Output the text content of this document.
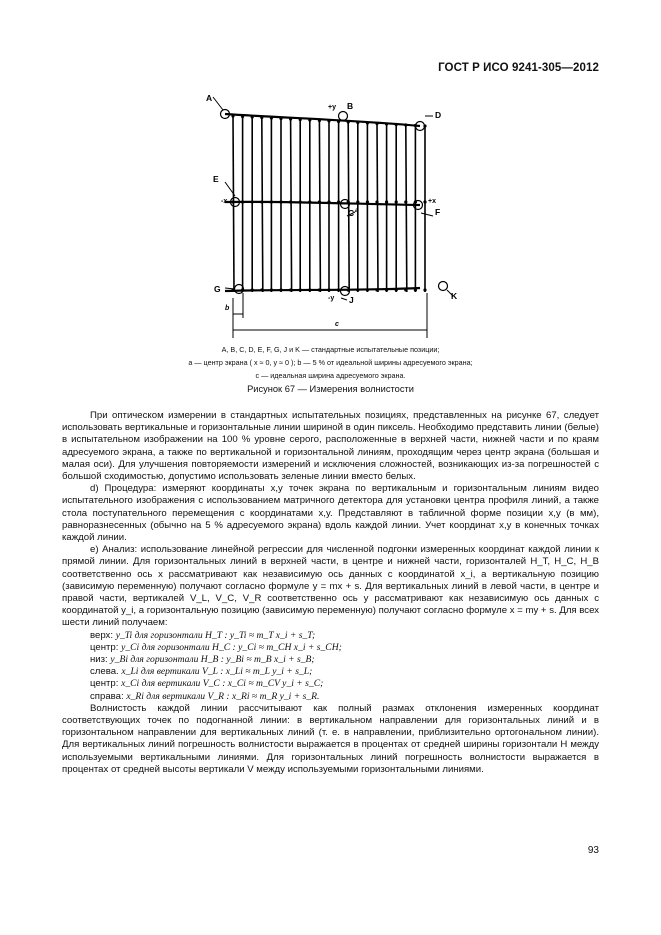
ГОСТ Р ИСО 9241-305—2012
A
B
D
E
C	F
G
J	K
+y
-y
+x
-x
a
b
c
A, B, C, D, E, F, G, J и K — стандартные испытательные позиции;
a — центр экрана ( x ≈ 0, y ≈ 0 ); b — 5 % от идеальной ширины адресуемого экрана;
c — идеальная ширина адресуемого экрана.
Рисунок 67 — Измерения волнистости

При оптическом измерении в стандартных испытательных позициях, представленных на рисунке 67, следует использовать вертикальные и горизонтальные линии шириной в один пиксель. Необходимо представить линии (белые) в испытательном изображении на 100 % уровне серого, расположенные в верхней части, нижней части и по краям адресуемого экрана, а также по вертикальной и горизонтальной линиям, проходящим через центр экрана (большая и малая оси). Для улучшения повторяемости измерений и исключения сложностей, возникающих из-за погрешностей с большой сходимостью, допустимо использовать зеленые линии вместо белых.

d) Процедура: измеряют координаты x,y точек экрана по вертикальным и горизонтальным линиям видео испытательного изображения с использованием матричного детектора для установки центра профиля линий, а также стола поступательного перемещения с координатами x,y. Представляют в табличной форме позиции x,y (в мм), равноразнесенных (обычно на 5 % адресуемого экрана) вдоль каждой линии. Учет координат x,y в конечных точках каждой линии.

e) Анализ: использование линейной регрессии для численной подгонки измеренных координат каждой линии к прямой линии. Для горизонтальных линий в верхней части, в центре и нижней части, горизонталей H_T, H_C, H_B соответственно ось x рассматривают как независимую ось данных с координатой x_i, а вертикальную позицию (зависимую переменную) получают согласно формуле y = mx + s. Для вертикальных линий в левой части, в центре и правой части, вертикалей V_L, V_C, V_R соответственно ось y рассматривают как независимую ось данных с координатой y_i, а горизонтальную позицию (зависимую переменную) получают согласно формуле x = my + s. Для всех шести линий получаем:

верх: y_Ti для горизонтали H_T : y_Ti ≈ m_T x_i + s_T;
центр: y_Ci для горизонтали H_C : y_Ci ≈ m_CH x_i + s_CH;
низ: y_Bi для горизонтали H_B : y_Bi ≈ m_B x_i + s_B;
слева. x_Li для вертикали V_L : x_Li ≈ m_L y_i + s_L;
центр: x_Ci для вертикали V_C : x_Ci ≈ m_CV y_i + s_C;
справа: x_Ri для вертикали V_R : x_Ri ≈ m_R y_i + s_R.

Волнистость каждой линии рассчитывают как полный размах отклонения измеренных координат соответствующих точек по подогнанной линии: в вертикальном направлении для горизонтальных линий и в горизонтальном направлении для вертикальных линий (т. е. в направлении, приблизительно ортогональном линии). Для вертикальных линий погрешность волнистости выражается в процентах от средней ширины горизонтали H между используемыми вертикальными линиями. Для горизонтальных линий погрешность волнистости выражается в процентах от средней высоты вертикали V между используемыми горизонтальными линиями.

93
